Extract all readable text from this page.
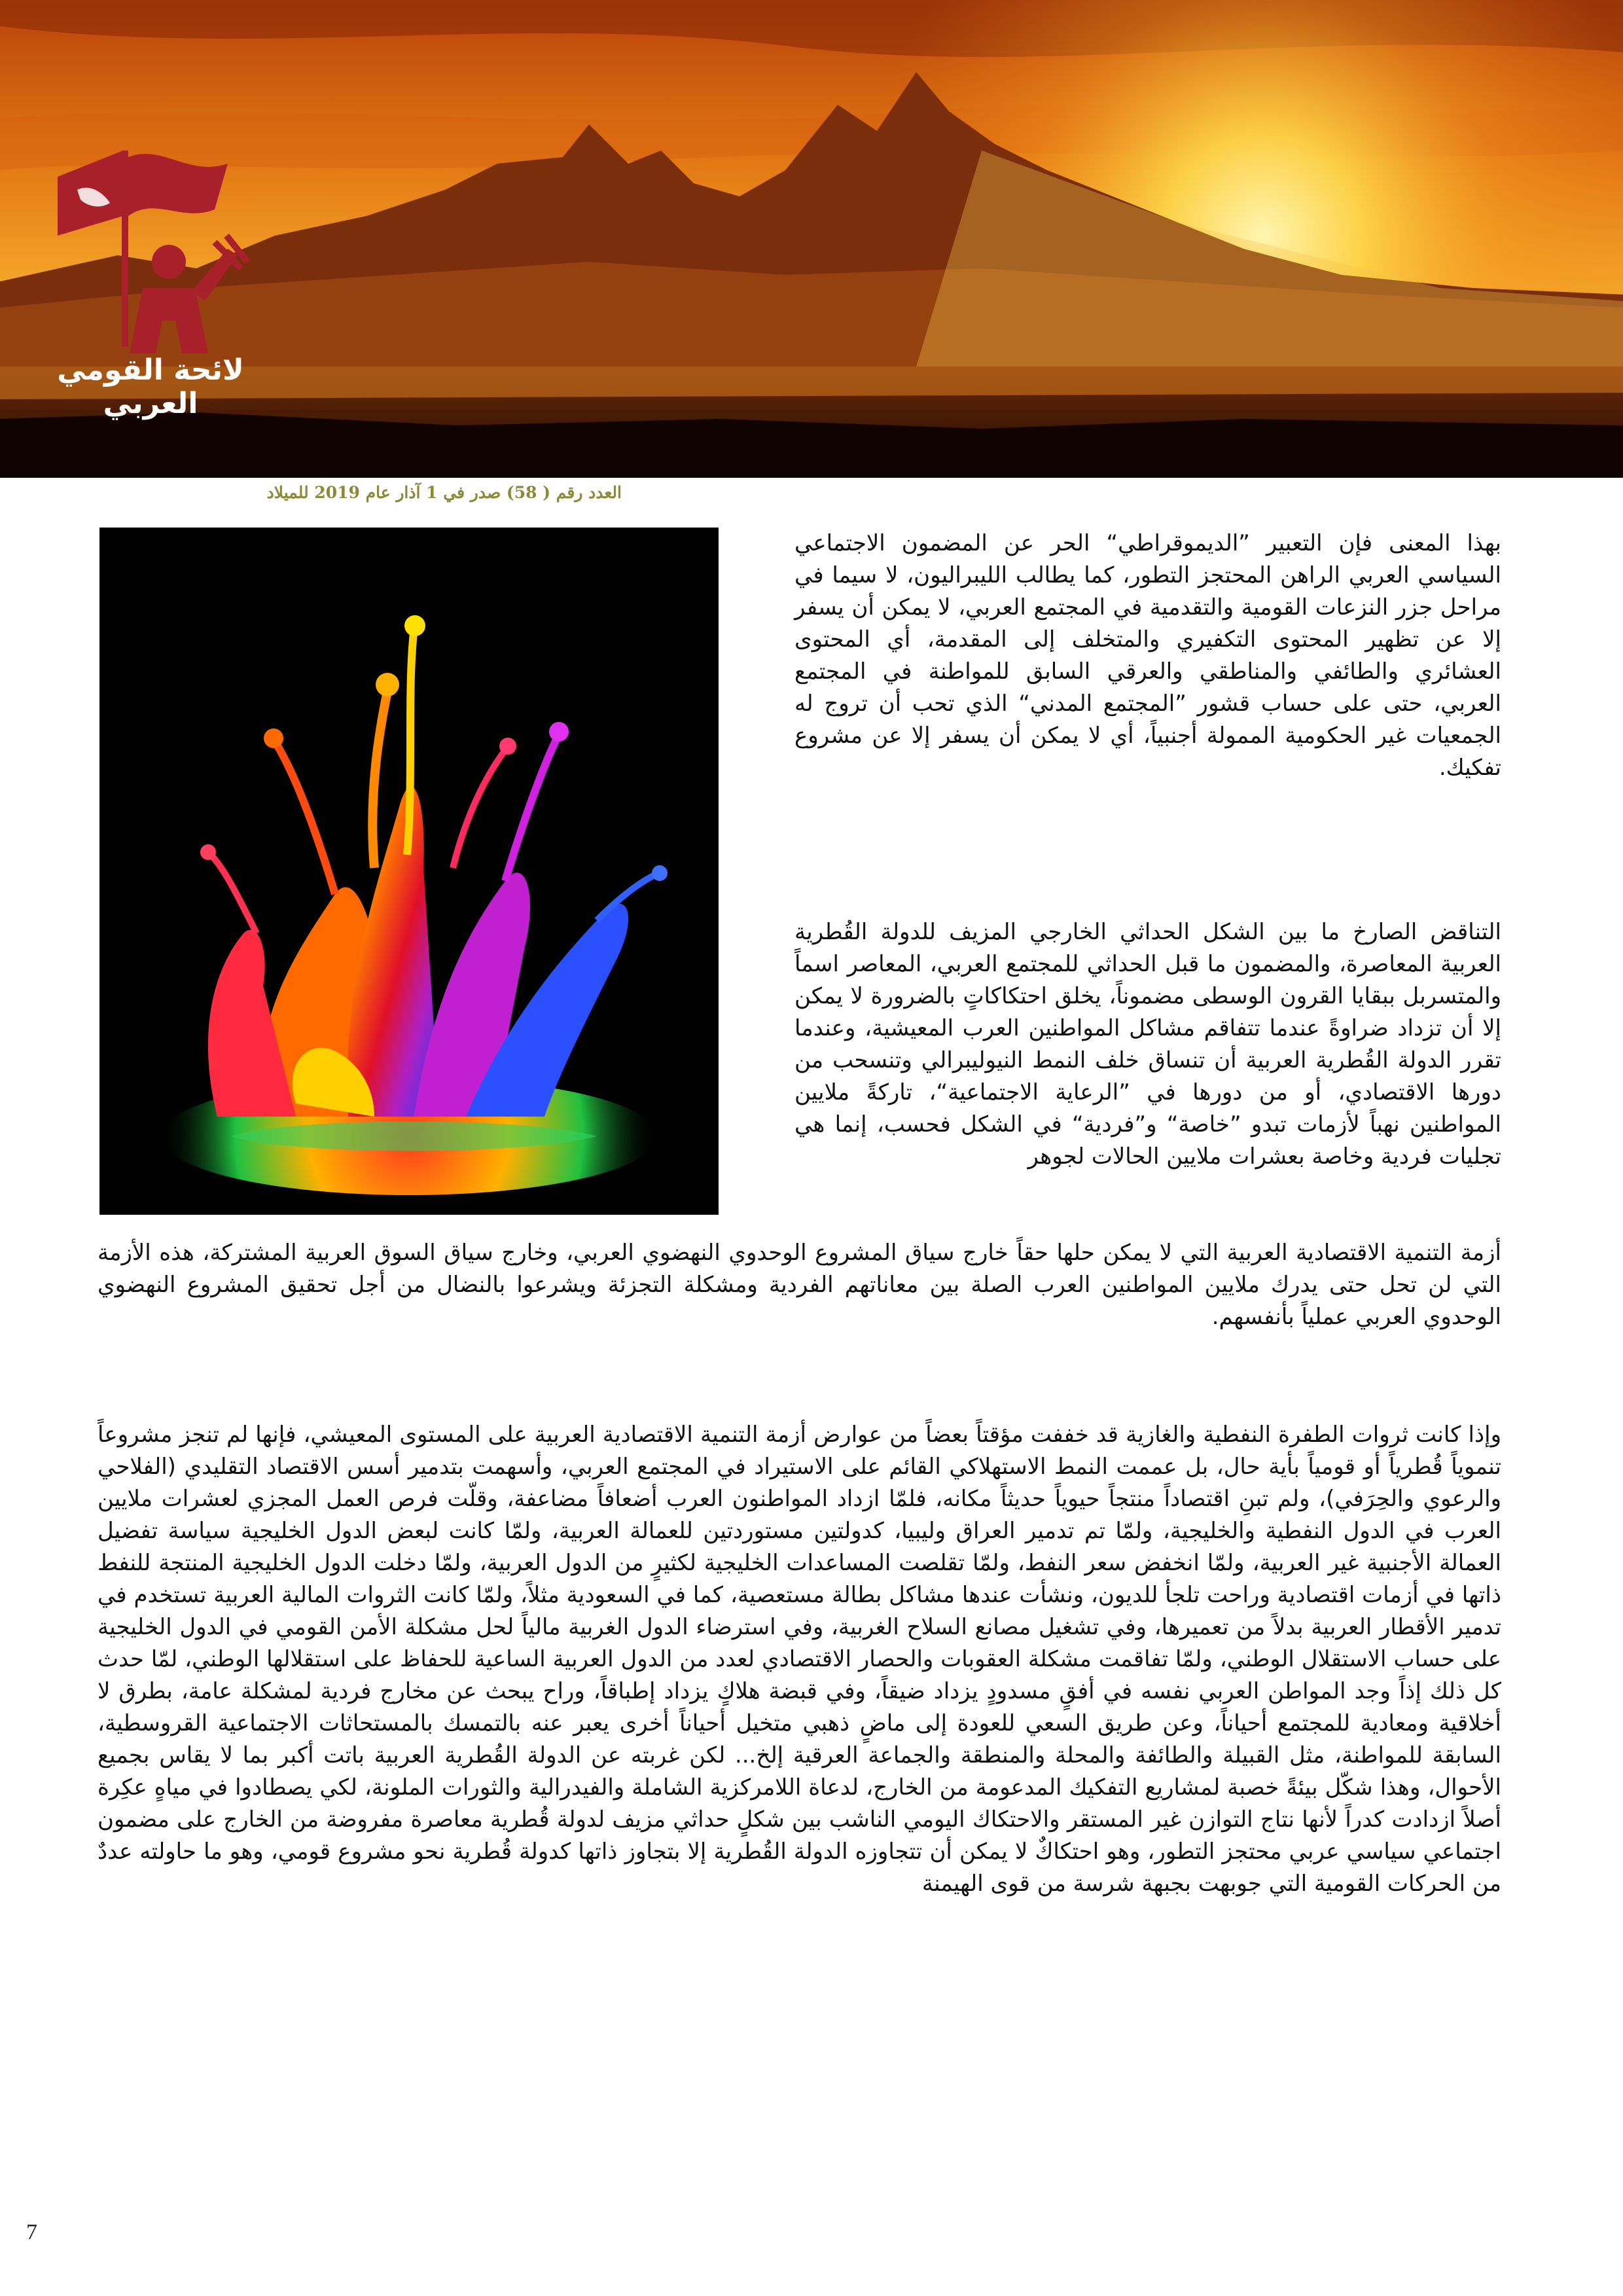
لائحة القومي العربي
العدد رقم ( 58) صدر في 1 آذار عام 2019 للميلاد

بهذا المعنى فإن التعبير ”الديموقراطي“ الحر عن المضمون الاجتماعي السياسي العربي الراهن المحتجز التطور، كما يطالب الليبراليون، لا سيما في مراحل جزر النزعات القومية والتقدمية في المجتمع العربي، لا يمكن أن يسفر إلا عن تظهير المحتوى التكفيري والمتخلف إلى المقدمة، أي المحتوى العشائري والطائفي والمناطقي والعرقي السابق للمواطنة في المجتمع العربي، حتى على حساب قشور ”المجتمع المدني“ الذي تحب أن تروج له الجمعيات غير الحكومية الممولة أجنبياً، أي لا يمكن أن يسفر إلا عن مشروع تفكيك.

التناقض الصارخ ما بين الشكل الحداثي الخارجي المزيف للدولة القُطرية العربية المعاصرة، والمضمون ما قبل الحداثي للمجتمع العربي، المعاصر اسماً والمتسربل ببقايا القرون الوسطى مضموناً، يخلق احتكاكاتٍ بالضرورة لا يمكن إلا أن تزداد ضراوةً عندما تتفاقم مشاكل المواطنين العرب المعيشية، وعندما تقرر الدولة القُطرية العربية أن تنساق خلف النمط النيوليبرالي وتنسحب من دورها الاقتصادي، أو من دورها في ”الرعاية الاجتماعية“، تاركةً ملايين المواطنين نهباً لأزمات تبدو ”خاصة“ و”فردية“ في الشكل فحسب، إنما هي تجليات فردية وخاصة بعشرات ملايين الحالات لجوهر

أزمة التنمية الاقتصادية العربية التي لا يمكن حلها حقاً خارج سياق المشروع الوحدوي النهضوي العربي، وخارج سياق السوق العربية المشتركة، هذه الأزمة التي لن تحل حتى يدرك ملايين المواطنين العرب الصلة بين معاناتهم الفردية ومشكلة التجزئة ويشرعوا بالنضال من أجل تحقيق المشروع النهضوي الوحدوي العربي عملياً بأنفسهم.

وإذا كانت ثروات الطفرة النفطية والغازية قد خففت مؤقتاً بعضاً من عوارض أزمة التنمية الاقتصادية العربية على المستوى المعيشي، فإنها لم تنجز مشروعاً تنموياً قُطرياً أو قومياً بأية حال، بل عممت النمط الاستهلاكي القائم على الاستيراد في المجتمع العربي، وأسهمت بتدمير أسس الاقتصاد التقليدي (الفلاحي والرعوي والحِرَفي)، ولم تبنِ اقتصاداً منتجاً حيوياً حديثاً مكانه، فلمّا ازداد المواطنون العرب أضعافاً مضاعفة، وقلّت فرص العمل المجزي لعشرات ملايين العرب في الدول النفطية والخليجية، ولمّا تم تدمير العراق وليبيا، كدولتين مستوردتين للعمالة العربية، ولمّا كانت لبعض الدول الخليجية سياسة تفضيل العمالة الأجنبية غير العربية، ولمّا انخفض سعر النفط، ولمّا تقلصت المساعدات الخليجية لكثيرٍ من الدول العربية، ولمّا دخلت الدول الخليجية المنتجة للنفط ذاتها في أزمات اقتصادية وراحت تلجأ للديون، ونشأت عندها مشاكل بطالة مستعصية، كما في السعودية مثلاً، ولمّا كانت الثروات المالية العربية تستخدم في تدمير الأقطار العربية بدلاً من تعميرها، وفي تشغيل مصانع السلاح الغربية، وفي استرضاء الدول الغربية مالياً لحل مشكلة الأمن القومي في الدول الخليجية على حساب الاستقلال الوطني، ولمّا تفاقمت مشكلة العقوبات والحصار الاقتصادي لعدد من الدول العربية الساعية للحفاظ على استقلالها الوطني، لمّا حدث كل ذلك إذاً وجد المواطن العربي نفسه في أفقٍ مسدودٍ يزداد ضيقاً، وفي قبضة هلاكٍ يزداد إطباقاً، وراح يبحث عن مخارج فردية لمشكلة عامة، بطرق لا أخلاقية ومعادية للمجتمع أحياناً، وعن طريق السعي للعودة إلى ماضٍ ذهبي متخيل أحياناً أخرى يعبر عنه بالتمسك بالمستحاثات الاجتماعية القروسطية، السابقة للمواطنة، مثل القبيلة والطائفة والمحلة والمنطقة والجماعة العرقية إلخ... لكن غربته عن الدولة القُطرية العربية باتت أكبر بما لا يقاس بجميع الأحوال، وهذا شكّل بيئةً خصبة لمشاريع التفكيك المدعومة من الخارج، لدعاة اللامركزية الشاملة والفيدرالية والثورات الملونة، لكي يصطادوا في مياهٍ عكِرة أصلاً ازدادت كدراً لأنها نتاج التوازن غير المستقر والاحتكاك اليومي الناشب بين شكلٍ حداثي مزيف لدولة قُطرية معاصرة مفروضة من الخارج على مضمون اجتماعي سياسي عربي محتجز التطور، وهو احتكاكٌ لا يمكن أن تتجاوزه الدولة القُطرية إلا بتجاوز ذاتها كدولة قُطرية نحو مشروع قومي، وهو ما حاولته عددٌ من الحركات القومية التي جوبهت بجبهة شرسة من قوى الهيمنة

7
